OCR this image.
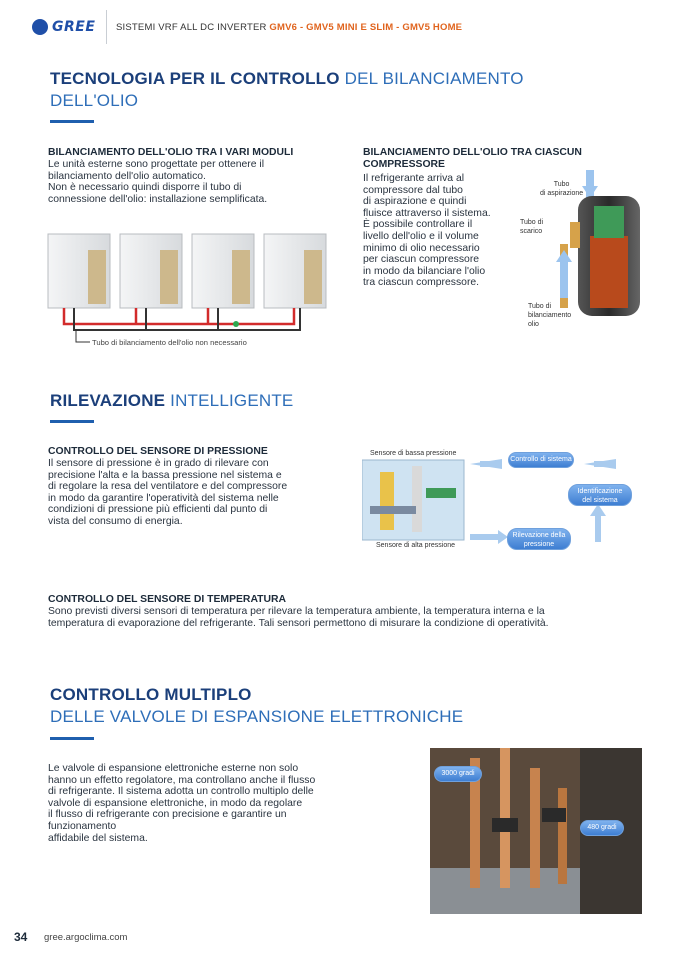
GREE SISTEMI VRF ALL DC INVERTER GMV6 - GMV5 MINI E SLIM - GMV5 HOME
TECNOLOGIA PER IL CONTROLLO DEL BILANCIAMENTO
DELL'OLIO
BILANCIAMENTO DELL'OLIO TRA I VARI MODULI
Le unità esterne sono progettate per ottenere il
bilanciamento dell'olio automatico.
Non è necessario quindi disporre il tubo di
connessione dell'olio: installazione semplificata.
Tubo di bilanciamento dell'olio non necessario
BILANCIAMENTO DELL'OLIO TRA CIASCUN
COMPRESSORE
Il refrigerante arriva al
compressore dal tubo
di aspirazione e quindi
fluisce attraverso il sistema.
È possibile controllare il
livello dell'olio e il volume
minimo di olio necessario
per ciascun compressore
in modo da bilanciare l'olio
tra ciascun compressore.
Tubo
di aspirazione
Tubo di
scarico
Tubo di
bilanciamento
olio
RILEVAZIONE INTELLIGENTE
CONTROLLO DEL SENSORE DI PRESSIONE
Il sensore di pressione è in grado di rilevare con
precisione l'alta e la bassa pressione nel sistema e
di regolare la resa del ventilatore e del compressore
in modo da garantire l'operatività del sistema nelle
condizioni di pressione più efficienti dal punto di
vista del consumo di energia.
Sensore di bassa pressione
Controllo di sistema
Identificazione
del sistema
Rilevazione della
pressione
Sensore di alta pressione
CONTROLLO DEL SENSORE DI TEMPERATURA
Sono previsti diversi sensori di temperatura per rilevare la temperatura ambiente, la temperatura interna e la
temperatura di evaporazione del refrigerante. Tali sensori permettono di misurare la condizione di operatività.
CONTROLLO MULTIPLO
DELLE VALVOLE DI ESPANSIONE ELETTRONICHE
Le valvole di espansione elettroniche esterne non solo
hanno un effetto regolatore, ma controllano anche il flusso
di refrigerante. Il sistema adotta un controllo multiplo delle
valvole di espansione elettroniche, in modo da regolare
il flusso di refrigerante con precisione e garantire un
funzionamento
affidabile del sistema.
3000 gradi
480 gradi
34 gree.argoclima.com
